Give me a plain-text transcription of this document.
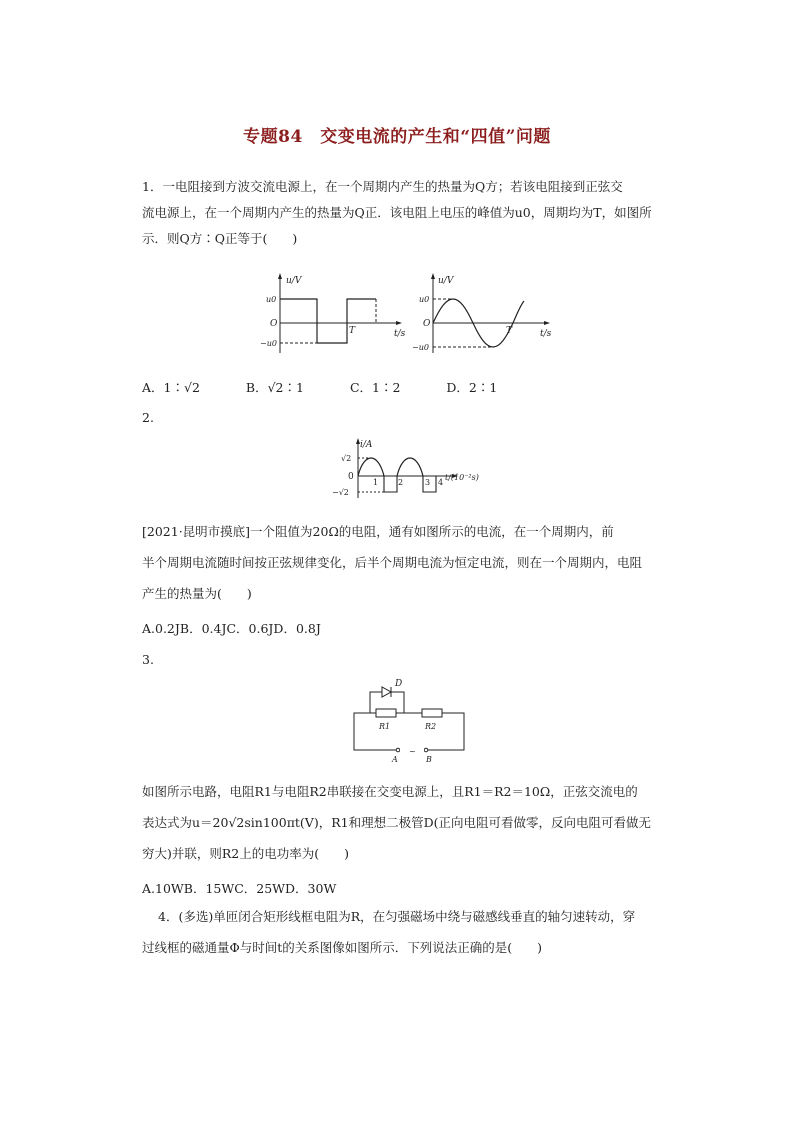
专题84　交变电流的产生和“四值”问题
1．一电阻接到方波交流电源上，在一个周期内产生的热量为Q方；若该电阻接到正弦交
流电源上，在一个周期内产生的热量为Q正．该电阻上电压的峰值为u0，周期均为T，如图所
示．则Q方∶Q正等于(　　)
u/V
u0
O
−u0
T	t/s
u/V
u0
O
−u0
T	t/s
A．1∶√2	B．√2∶1	C．1∶2	D．2∶1
2.
i/A
√2
0
−√2
1 2	3 4
t/(10⁻²s)
[2021·昆明市摸底]一个阻值为20Ω的电阻，通有如图所示的电流，在一个周期内，前
半个周期电流随时间按正弦规律变化，后半个周期电流为恒定电流，则在一个周期内，电阻
产生的热量为(　　)
A.0.2JB．0.4JC．0.6JD．0.8J
3.
D
R1	R2
~
A	B
如图所示电路，电阻R1与电阻R2串联接在交变电源上，且R1＝R2＝10Ω，正弦交流电的
表达式为u＝20√2sin100πt(V)，R1和理想二极管D(正向电阻可看做零，反向电阻可看做无
穷大)并联，则R2上的电功率为(　　)
A.10WB．15WC．25WD．30W
4．(多选)单匝闭合矩形线框电阻为R，在匀强磁场中绕与磁感线垂直的轴匀速转动，穿
过线框的磁通量Φ与时间t的关系图像如图所示．下列说法正确的是(　　)
